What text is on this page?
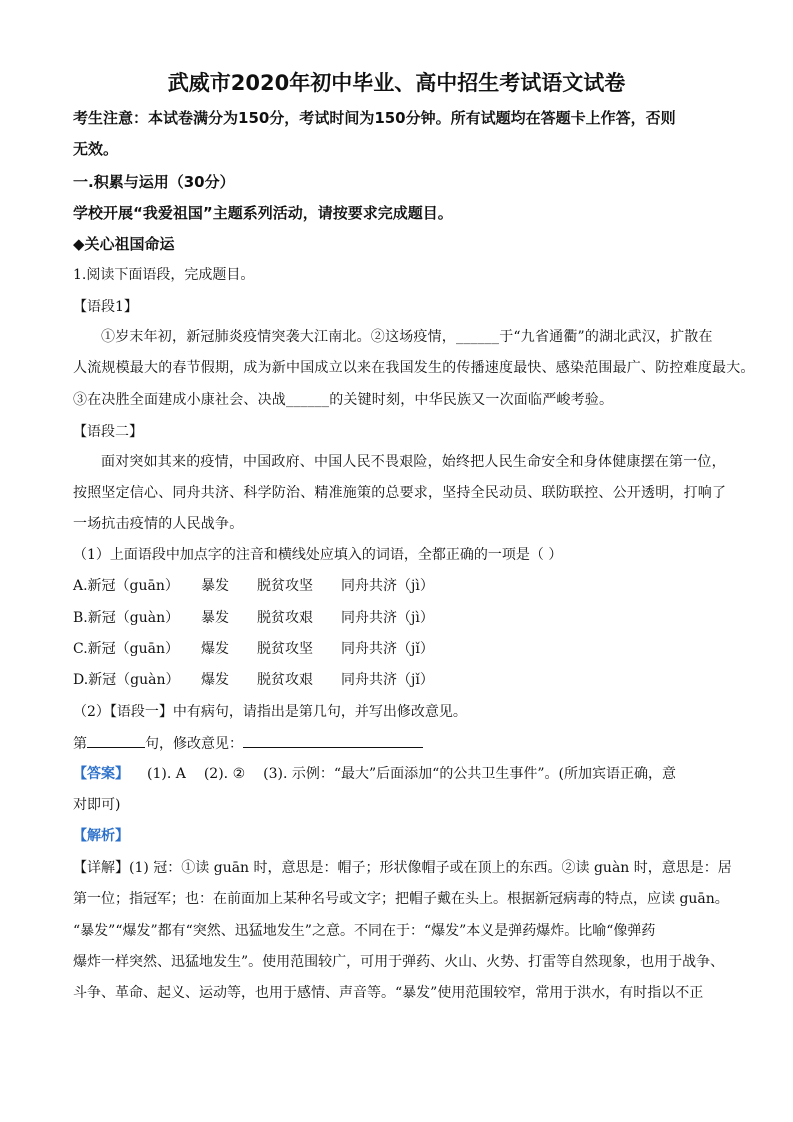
武威市2020年初中毕业、高中招生考试语文试卷
考生注意：本试卷满分为150分，考试时间为150分钟。所有试题均在答题卡上作答，否则
无效。
一.积累与运用（30分）
学校开展“我爱祖国”主题系列活动，请按要求完成题目。
◆关心祖国命运
1.阅读下面语段，完成题目。
【语段1】
①岁末年初，新冠肺炎疫情突袭大江南北。②这场疫情，______于“九省通衢”的湖北武汉，扩散在
人流规模最大的春节假期，成为新中国成立以来在我国发生的传播速度最快、感染范围最广、防控难度最大。
③在决胜全面建成小康社会、决战______的关键时刻，中华民族又一次面临严峻考验。
【语段二】
面对突如其来的疫情，中国政府、中国人民不畏艰险，始终把人民生命安全和身体健康摆在第一位，
按照坚定信心、同舟共济、科学防治、精准施策的总要求，坚持全民动员、联防联控、公开透明，打响了
一场抗击疫情的人民战争。
（1）上面语段中加点字的注音和横线处应填入的词语，全都正确的一项是（ ）
A.新冠（guān） 暴发 脱贫攻坚 同舟共济（jì）
B.新冠（guàn） 暴发 脱贫攻艰 同舟共济（jì）
C.新冠（guān） 爆发 脱贫攻坚 同舟共济（jǐ）
D.新冠（guàn） 爆发 脱贫攻艰 同舟共济（jǐ）
（2）【语段一】中有病句，请指出是第几句，并写出修改意见。
第	句，修改意见：
【答案】 (1). A (2). ② (3). 示例：“最大”后面添加“的公共卫生事件”。(所加宾语正确，意
对即可)
【解析】
【详解】(1) 冠：①读 guān 时，意思是：帽子；形状像帽子或在顶上的东西。②读 guàn 时，意思是：居
第一位；指冠军；也：在前面加上某种名号或文字；把帽子戴在头上。根据新冠病毒的特点，应读 guān。
“暴发”“爆发”都有“突然、迅猛地发生”之意。不同在于：“爆发”本义是弹药爆炸。比喻“像弹药
爆炸一样突然、迅猛地发生”。使用范围较广，可用于弹药、火山、火势、打雷等自然现象，也用于战争、
斗争、革命、起义、运动等，也用于感情、声音等。“暴发”使用范围较窄，常用于洪水，有时指以不正
